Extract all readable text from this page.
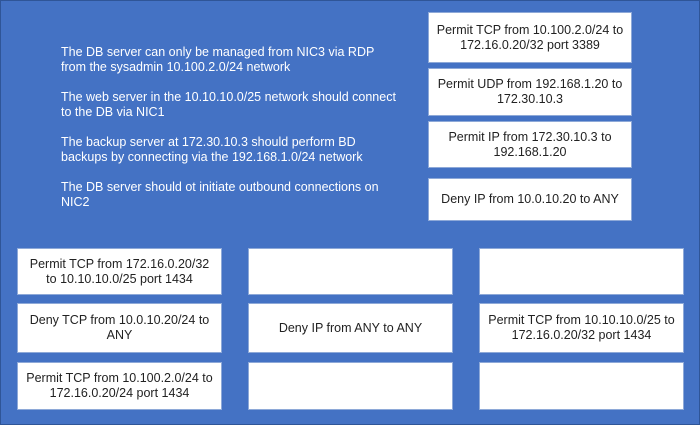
The DB server can only be managed from NIC3 via RDP from the sysadmin 10.100.2.0/24 network
The web server in the 10.10.10.0/25 network should connect to the DB via NIC1
The backup server at 172.30.10.3 should perform BD backups by connecting via the 192.168.1.0/24 network
The DB server should ot initiate outbound connections on NIC2
Permit TCP from 10.100.2.0/24 to 172.16.0.20/32 port 3389
Permit UDP from 192.168.1.20 to 172.30.10.3
Permit IP from 172.30.10.3 to 192.168.1.20
Deny IP from 10.0.10.20 to ANY
Permit TCP from 172.16.0.20/32 to 10.10.10.0/25 port 1434
Deny TCP from 10.0.10.20/24 to ANY
Deny IP from ANY to ANY
Permit TCP from 10.10.10.0/25 to 172.16.0.20/32 port 1434
Permit TCP from 10.100.2.0/24 to 172.16.0.20/24 port 1434
